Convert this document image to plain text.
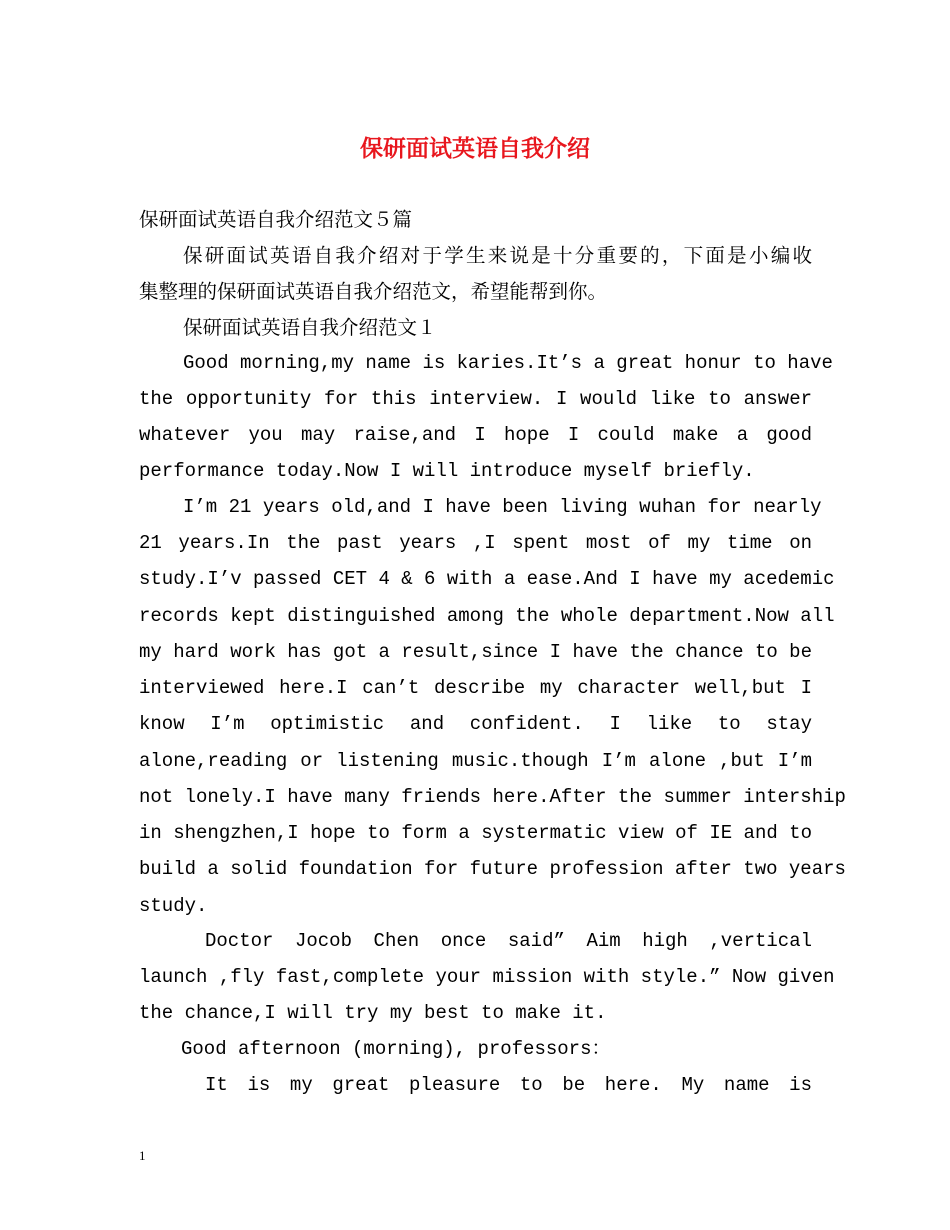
保研面试英语自我介绍
保研面试英语自我介绍范文５篇
保研面试英语自我介绍对于学生来说是十分重要的，下面是小编收
集整理的保研面试英语自我介绍范文，希望能帮到你。
保研面试英语自我介绍范文１
Good morning,my name is karies.It’s a great honur to have
the opportunity for this interview. I would like to answer
whatever you may raise,and I hope I could make a good
performance today.Now I will introduce myself briefly.
I’m 21 years old,and I have been living wuhan for nearly
21 years.In the past years ,I spent most of my time on
study.I’v passed CET 4 & 6 with a ease.And I have my acedemic
records kept distinguished among the whole department.Now all
my hard work has got a result,since I have the chance to be
interviewed here.I can’t describe my character well,but I
know I’m optimistic and confident. I like to stay
alone,reading or listening music.though I’m alone ,but I’m
not lonely.I have many friends here.After the summer intership
in shengzhen,I hope to form a systermatic view of IE and to
build a solid foundation for future profession after two years
study.
Doctor Jocob Chen once said” Aim high ,vertical
launch ,fly fast,complete your mission with style.” Now given
the chance,I will try my best to make it.
Good afternoon (morning), professors：
It is my great pleasure to be here. My name is
1
